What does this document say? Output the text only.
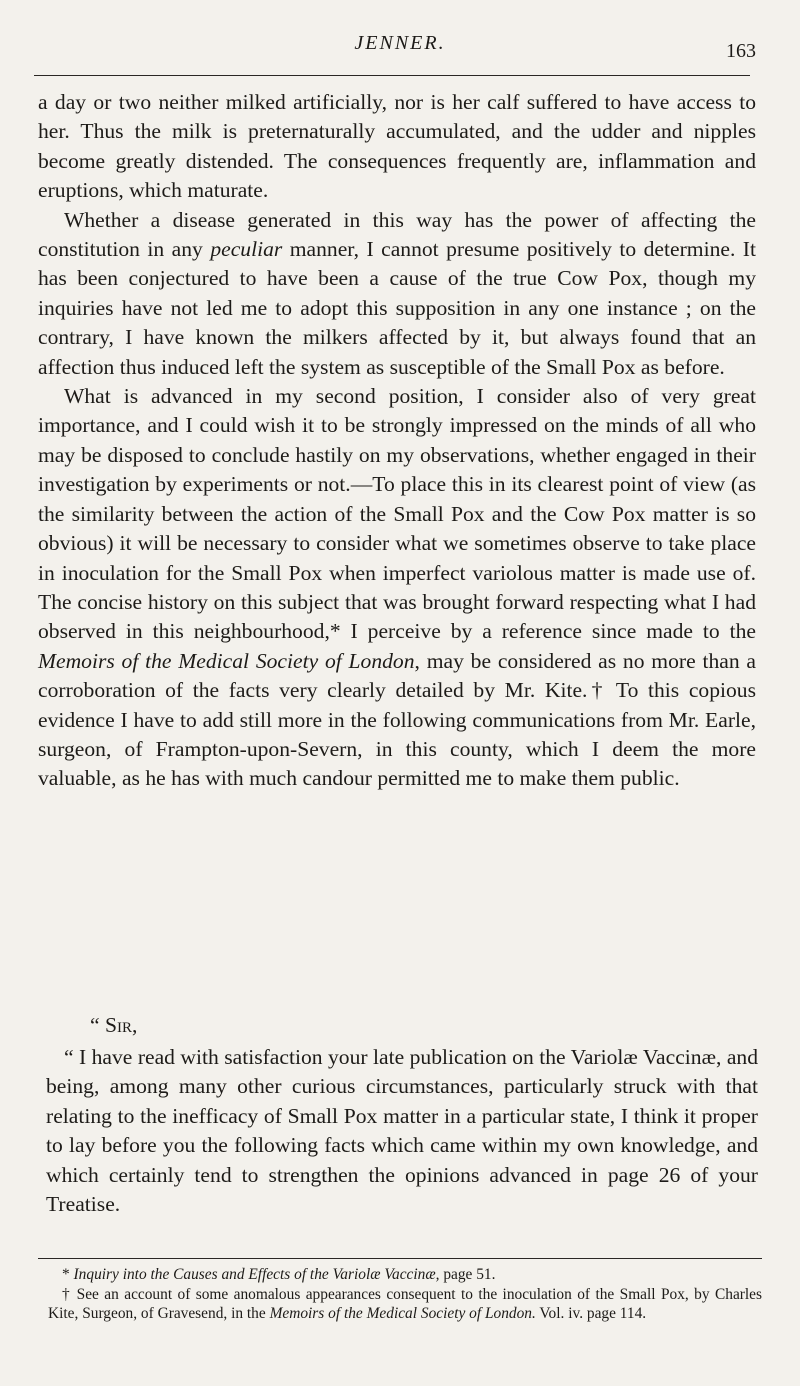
JENNER.	163

a day or two neither milked artificially, nor is her calf suffered to have access to her. Thus the milk is preternaturally accumulated, and the udder and nipples become greatly distended. The consequences frequently are, inflammation and eruptions, which maturate.

Whether a disease generated in this way has the power of affecting the constitution in any peculiar manner, I cannot presume positively to determine. It has been conjectured to have been a cause of the true Cow Pox, though my inquiries have not led me to adopt this supposition in any one instance ; on the contrary, I have known the milkers affected by it, but always found that an affection thus induced left the system as susceptible of the Small Pox as before.

What is advanced in my second position, I consider also of very great importance, and I could wish it to be strongly impressed on the minds of all who may be disposed to conclude hastily on my observations, whether engaged in their investigation by experiments or not.—To place this in its clearest point of view (as the similarity between the action of the Small Pox and the Cow Pox matter is so obvious) it will be necessary to consider what we sometimes observe to take place in inoculation for the Small Pox when imperfect variolous matter is made use of. The concise history on this subject that was brought forward respecting what I had observed in this neighbourhood,* I perceive by a reference since made to the Memoirs of the Medical Society of London, may be considered as no more than a corroboration of the facts very clearly detailed by Mr. Kite.† To this copious evidence I have to add still more in the following communications from Mr. Earle, surgeon, of Frampton-upon-Severn, in this county, which I deem the more valuable, as he has with much candour permitted me to make them public.

“ Sir,

“ I have read with satisfaction your late publication on the Variolæ Vaccinæ, and being, among many other curious circumstances, particularly struck with that relating to the inefficacy of Small Pox matter in a particular state, I think it proper to lay before you the following facts which came within my own knowledge, and which certainly tend to strengthen the opinions advanced in page 26 of your Treatise.

* Inquiry into the Causes and Effects of the Variolæ Vaccinæ, page 51.

† See an account of some anomalous appearances consequent to the inoculation of the Small Pox, by Charles Kite, Surgeon, of Gravesend, in the Memoirs of the Medical Society of London. Vol. iv. page 114.
